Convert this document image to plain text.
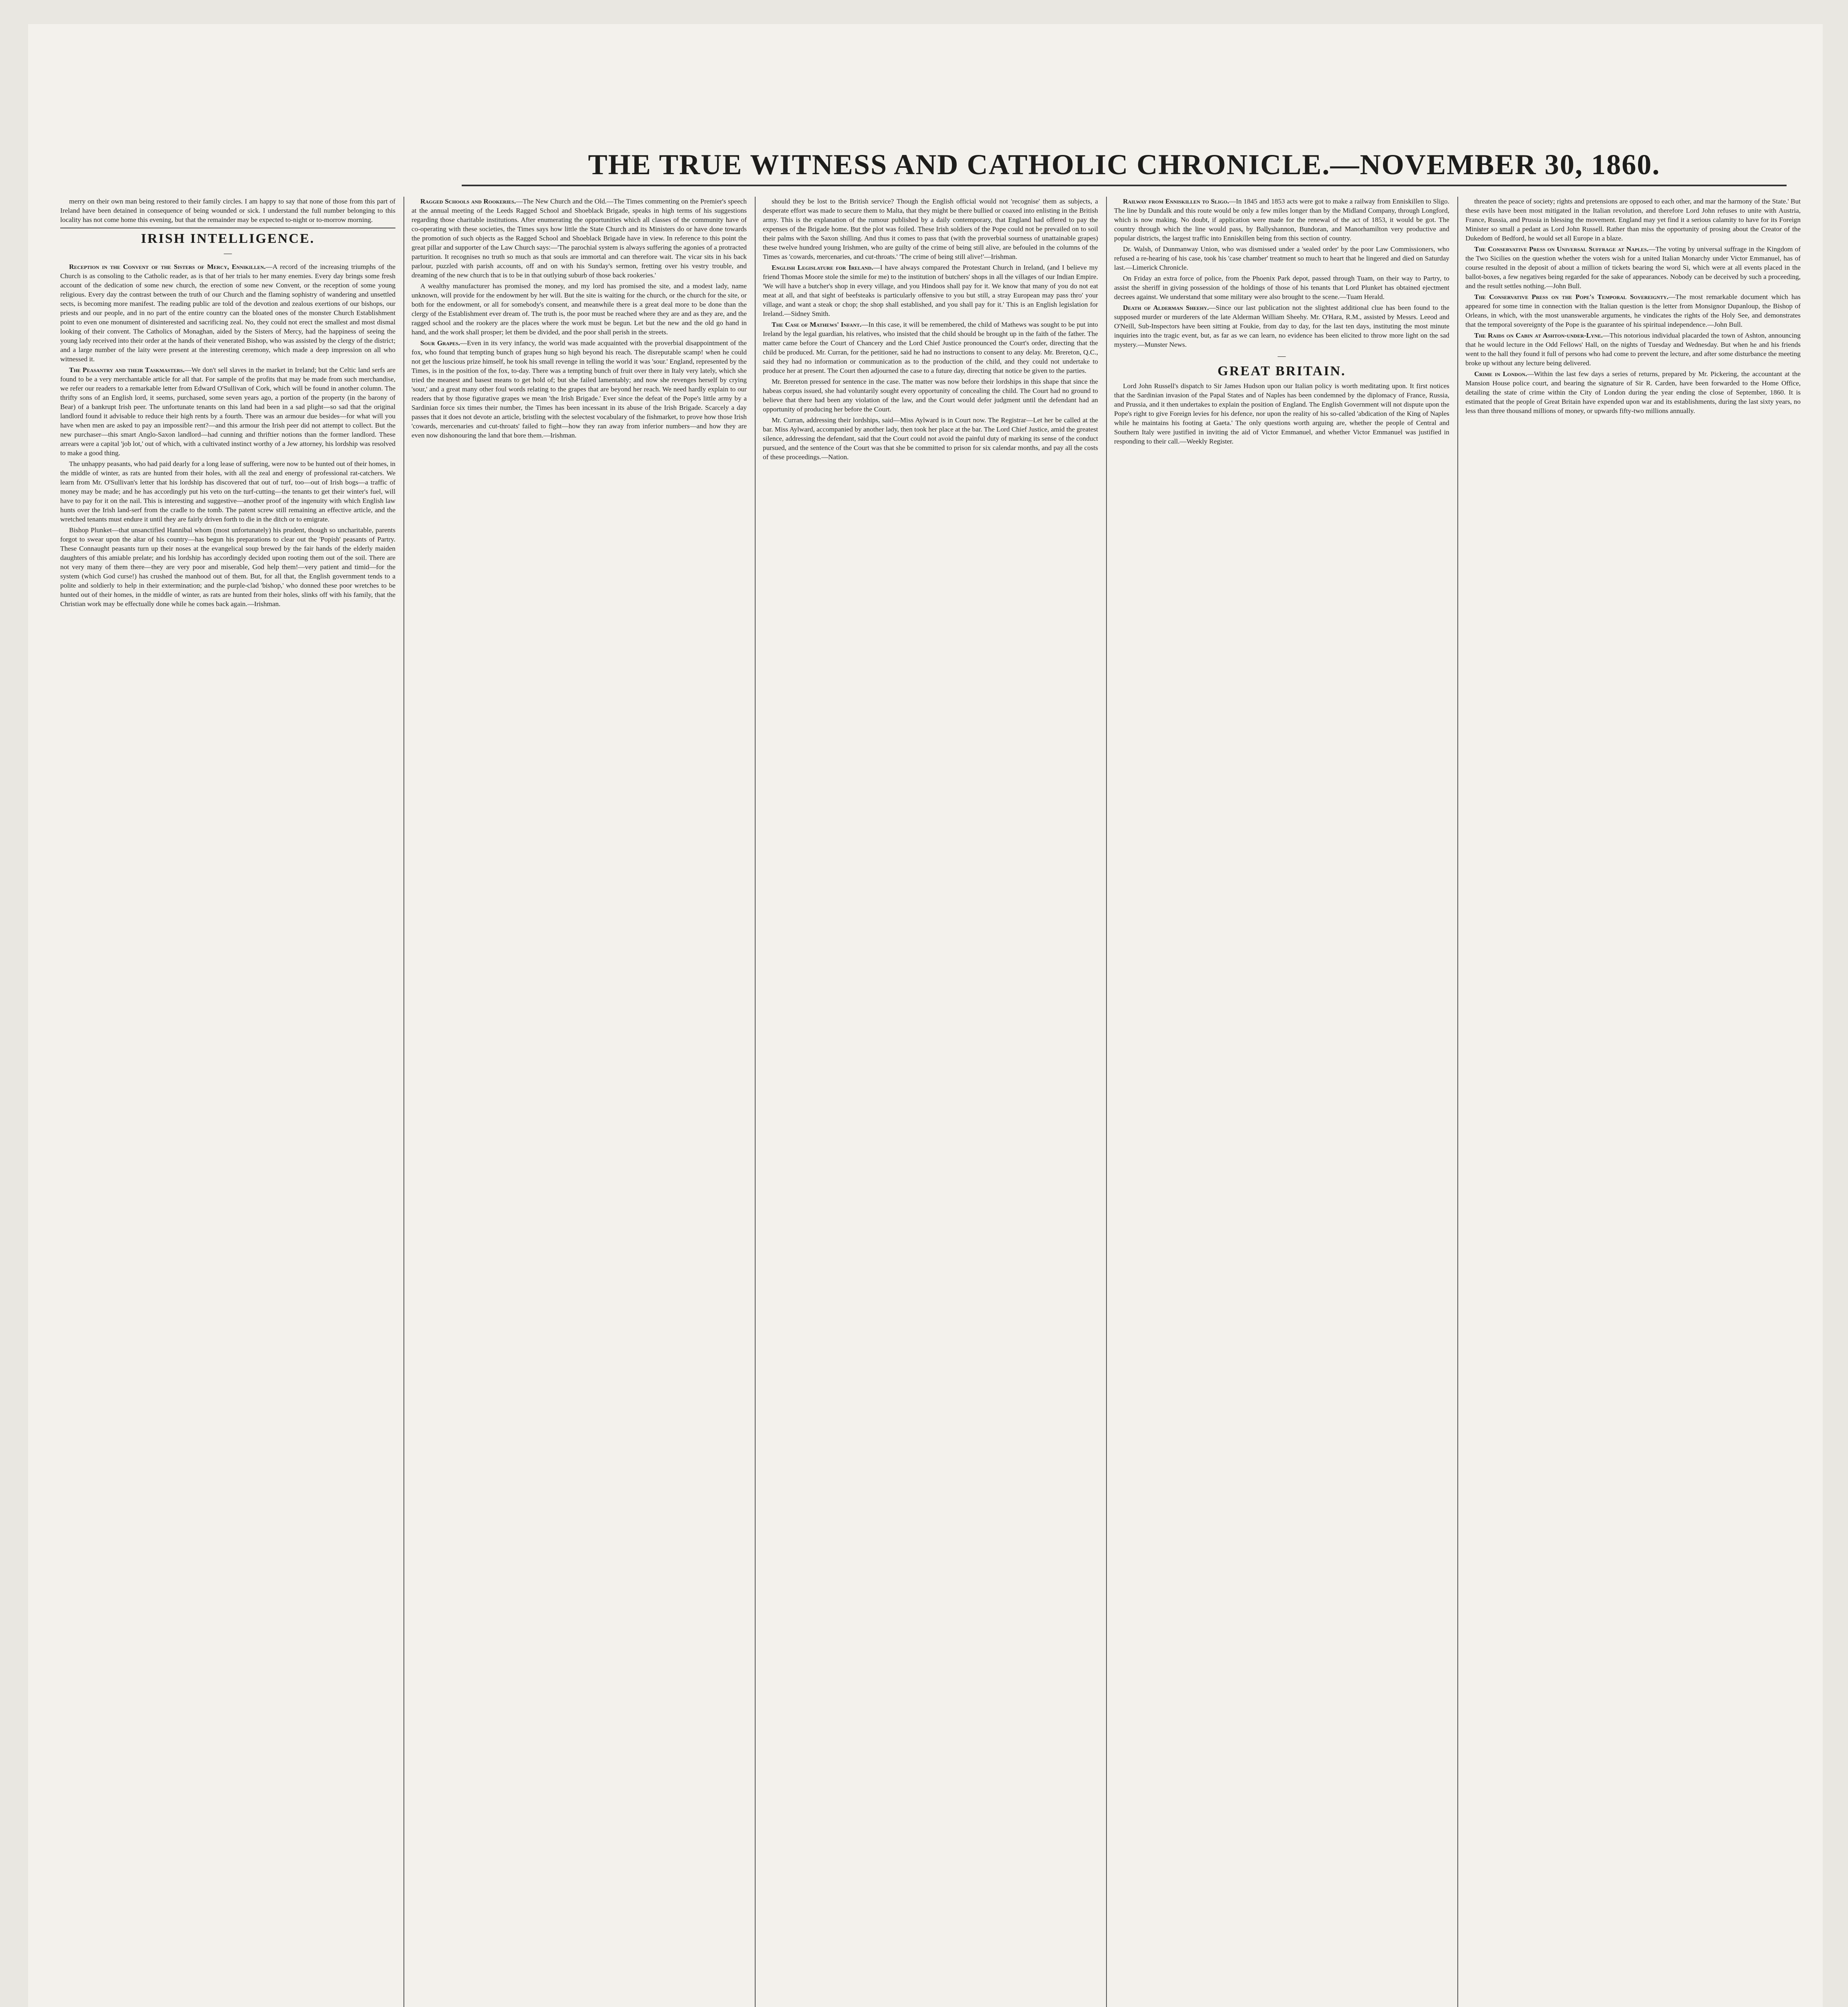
THE TRUE WITNESS AND CATHOLIC CHRONICLE.—NOVEMBER 30, 1860.

merry on their own man being restored to their family circles. I am happy to say that none of those from this part of Ireland have been detained in consequence of being wounded or sick. I understand the full number belonging to this locality has not come home this evening, but that the remainder may be expected to-night or to-morrow morning.

IRISH INTELLIGENCE.
—

Reception in the Convent of the Sisters of Mercy, Ennikillen.—A record of the increasing triumphs of the Church is as consoling to the Catholic reader, as is that of her trials to her many enemies. Every day brings some fresh account of the dedication of some new church, the erection of some new Convent, or the reception of some young religious. Every day the contrast between the truth of our Church and the flaming sophistry of wandering and unsettled sects, is becoming more manifest. The reading public are told of the devotion and zealous exertions of our bishops, our priests and our people, and in no part of the entire country can the bloated ones of the monster Church Establishment point to even one monument of disinterested and sacrificing zeal. No, they could not erect the smallest and most dismal looking of their convent. The Catholics of Monaghan, aided by the Sisters of Mercy, had the happiness of seeing the young lady received into their order at the hands of their venerated Bishop, who was assisted by the clergy of the district; and a large number of the laity were present at the interesting ceremony, which made a deep impression on all who witnessed it.

The Peasantry and their Taskmasters.—We don't sell slaves in the market in Ireland; but the Celtic land serfs are found to be a very merchantable article for all that. For sample of the profits that may be made from such merchandise, we refer our readers to a remarkable letter from Edward O'Sullivan of Cork, which will be found in another column. The thrifty sons of an English lord, it seems, purchased, some seven years ago, a portion of the property (in the barony of Bear) of a bankrupt Irish peer. The unfortunate tenants on this land had been in a sad plight—so sad that the original landlord found it advisable to reduce their high rents by a fourth. There was an armour due besides—for what will you have when men are asked to pay an impossible rent?—and this armour the Irish peer did not attempt to collect. But the new purchaser—this smart Anglo-Saxon landlord—had cunning and thriftier notions than the former landlord. These arrears were a capital 'job lot,' out of which, with a cultivated instinct worthy of a Jew attorney, his lordship was resolved to make a good thing.

The unhappy peasants, who had paid dearly for a long lease of suffering, were now to be hunted out of their homes, in the middle of winter, as rats are hunted from their holes, with all the zeal and energy of professional rat-catchers. We learn from Mr. O'Sullivan's letter that his lordship has discovered that out of turf, too—out of Irish bogs—a traffic of money may be made; and he has accordingly put his veto on the turf-cutting—the tenants to get their winter's fuel, will have to pay for it on the nail. This is interesting and suggestive—another proof of the ingenuity with which English law hunts over the Irish land-serf from the cradle to the tomb. The patent screw still remaining an effective article, and the wretched tenants must endure it until they are fairly driven forth to die in the ditch or to emigrate.

Bishop Plunket—that unsanctified Hannibal whom (most unfortunately) his prudent, though so uncharitable, parents forgot to swear upon the altar of his country—has begun his preparations to clear out the 'Popish' peasants of Partry. These Connaught peasants turn up their noses at the evangelical soup brewed by the fair hands of the elderly maiden daughters of this amiable prelate; and his lordship has accordingly decided upon rooting them out of the soil. There are not very many of them there—they are very poor and miserable, God help them!—very patient and timid—for the system (which God curse!) has crushed the manhood out of them. But, for all that, the English government tends to a polite and soldierly to help in their extermination; and the purple-clad 'bishop,' who donned these poor wretches to be hunted out of their homes, in the middle of winter, as rats are hunted from their holes, slinks off with his family, that the Christian work may be effectually done while he comes back again.—Irishman.

Ragged Schools and Rookeries.—The New Church and the Old.—The Times commenting on the Premier's speech at the annual meeting of the Leeds Ragged School and Shoeblack Brigade, speaks in high terms of his suggestions regarding those charitable institutions. After enumerating the opportunities which all classes of the community have of co-operating with these societies, the Times says how little the State Church and its Ministers do or have done towards the promotion of such objects as the Ragged School and Shoeblack Brigade have in view. In reference to this point the great pillar and supporter of the Law Church says:—'The parochial system is always suffering the agonies of a protracted parturition. It recognises no truth so much as that souls are immortal and can therefore wait. The vicar sits in his back parlour, puzzled with parish accounts, off and on with his Sunday's sermon, fretting over his vestry trouble, and dreaming of the new church that is to be in that outlying suburb of those back rookeries.'

A wealthy manufacturer has promised the money, and my lord has promised the site, and a modest lady, name unknown, will provide for the endowment by her will. But the site is waiting for the church, or the church for the site, or both for the endowment, or all for somebody's consent, and meanwhile there is a great deal more to be done than the clergy of the Establishment ever dream of. The truth is, the poor must be reached where they are and as they are, and the ragged school and the rookery are the places where the work must be begun. Let but the new and the old go hand in hand, and the work shall prosper; let them be divided, and the poor shall perish in the streets.

Sour Grapes.—Even in its very infancy, the world was made acquainted with the proverbial disappointment of the fox, who found that tempting bunch of grapes hung so high beyond his reach. The disreputable scamp! when he could not get the luscious prize himself, he took his small revenge in telling the world it was 'sour.' England, represented by the Times, is in the position of the fox, to-day. There was a tempting bunch of fruit over there in Italy very lately, which she tried the meanest and basest means to get hold of; but she failed lamentably; and now she revenges herself by crying 'sour,' and a great many other foul words relating to the grapes that are beyond her reach. We need hardly explain to our readers that by those figurative grapes we mean 'the Irish Brigade.' Ever since the defeat of the Pope's little army by a Sardinian force six times their number, the Times has been incessant in its abuse of the Irish Brigade. Scarcely a day passes that it does not devote an article, bristling with the selectest vocabulary of the fishmarket, to prove how those Irish 'cowards, mercenaries and cut-throats' failed to fight—how they ran away from inferior numbers—and how they are even now dishonouring the land that bore them.—Irishman.

should they be lost to the British service? Though the English official would not 'recognise' them as subjects, a desperate effort was made to secure them to Malta, that they might be there bullied or coaxed into enlisting in the British army. This is the explanation of the rumour published by a daily contemporary, that England had offered to pay the expenses of the Brigade home. But the plot was foiled. These Irish soldiers of the Pope could not be prevailed on to soil their palms with the Saxon shilling. And thus it comes to pass that (with the proverbial sourness of unattainable grapes) these twelve hundred young Irishmen, who are guilty of the crime of being still alive, are befouled in the columns of the Times as 'cowards, mercenaries, and cut-throats.' 'The crime of being still alive!'—Irishman.

English Legislature for Ireland.—I have always compared the Protestant Church in Ireland, (and I believe my friend Thomas Moore stole the simile for me) to the institution of butchers' shops in all the villages of our Indian Empire. 'We will have a butcher's shop in every village, and you Hindoos shall pay for it. We know that many of you do not eat meat at all, and that sight of beefsteaks is particularly offensive to you but still, a stray European may pass thro' your village, and want a steak or chop; the shop shall established, and you shall pay for it.' This is an English legislation for Ireland.—Sidney Smith.

The Case of Mathews' Infant.—In this case, it will be remembered, the child of Mathews was sought to be put into Ireland by the legal guardian, his relatives, who insisted that the child should be brought up in the faith of the father. The matter came before the Court of Chancery and the Lord Chief Justice pronounced the Court's order, directing that the child be produced. Mr. Curran, for the petitioner, said he had no instructions to consent to any delay. Mr. Brereton, Q.C., said they had no information or communication as to the production of the child, and they could not undertake to produce her at present. The Court then adjourned the case to a future day, directing that notice be given to the parties.

Mr. Brereton pressed for sentence in the case. The matter was now before their lordships in this shape that since the habeas corpus issued, she had voluntarily sought every opportunity of concealing the child. The Court had no ground to believe that there had been any violation of the law, and the Court would defer judgment until the defendant had an opportunity of producing her before the Court.

Mr. Curran, addressing their lordships, said—Miss Aylward is in Court now. The Registrar—Let her be called at the bar. Miss Aylward, accompanied by another lady, then took her place at the bar. The Lord Chief Justice, amid the greatest silence, addressing the defendant, said that the Court could not avoid the painful duty of marking its sense of the conduct pursued, and the sentence of the Court was that she be committed to prison for six calendar months, and pay all the costs of these proceedings.—Nation.

Railway from Enniskillen to Sligo.—In 1845 and 1853 acts were got to make a railway from Enniskillen to Sligo. The line by Dundalk and this route would be only a few miles longer than by the Midland Company, through Longford, which is now making. No doubt, if application were made for the renewal of the act of 1853, it would be got. The country through which the line would pass, by Ballyshannon, Bundoran, and Manorhamilton very productive and popular districts, the largest traffic into Enniskillen being from this section of country.

Dr. Walsh, of Dunmanway Union, who was dismissed under a 'sealed order' by the poor Law Commissioners, who refused a re-hearing of his case, took his 'case chamber' treatment so much to heart that he lingered and died on Saturday last.—Limerick Chronicle.

On Friday an extra force of police, from the Phoenix Park depot, passed through Tuam, on their way to Partry, to assist the sheriff in giving possession of the holdings of those of his tenants that Lord Plunket has obtained ejectment decrees against. We understand that some military were also brought to the scene.—Tuam Herald.

Death of Alderman Sheehy.—Since our last publication not the slightest additional clue has been found to the supposed murder or murderers of the late Alderman William Sheehy. Mr. O'Hara, R.M., assisted by Messrs. Leeod and O'Neill, Sub-Inspectors have been sitting at Foukie, from day to day, for the last ten days, instituting the most minute inquiries into the tragic event, but, as far as we can learn, no evidence has been elicited to throw more light on the sad mystery.—Munster News.

—
GREAT BRITAIN.

Lord John Russell's dispatch to Sir James Hudson upon our Italian policy is worth meditating upon. It first notices that the Sardinian invasion of the Papal States and of Naples has been condemned by the diplomacy of France, Russia, and Prussia, and it then undertakes to explain the position of England. The English Government will not dispute upon the Pope's right to give Foreign levies for his defence, nor upon the reality of his so-called 'abdication of the King of Naples while he maintains his footing at Gaeta.' The only questions worth arguing are, whether the people of Central and Southern Italy were justified in inviting the aid of Victor Emmanuel, and whether Victor Emmanuel was justified in responding to their call.—Weekly Register.

threaten the peace of society; rights and pretensions are opposed to each other, and mar the harmony of the State.' But these evils have been most mitigated in the Italian revolution, and therefore Lord John refuses to unite with Austria, France, Russia, and Prussia in blessing the movement. England may yet find it a serious calamity to have for its Foreign Minister so small a pedant as Lord John Russell. Rather than miss the opportunity of prosing about the Creator of the Dukedom of Bedford, he would set all Europe in a blaze.

The Conservative Press on Universal Suffrage at Naples.—The voting by universal suffrage in the Kingdom of the Two Sicilies on the question whether the voters wish for a united Italian Monarchy under Victor Emmanuel, has of course resulted in the deposit of about a million of tickets bearing the word Si, which were at all events placed in the ballot-boxes, a few negatives being regarded for the sake of appearances. Nobody can be deceived by such a proceeding, and the result settles nothing.—John Bull.

The Conservative Press on the Pope's Temporal Sovereignty.—The most remarkable document which has appeared for some time in connection with the Italian question is the letter from Monsignor Dupanloup, the Bishop of Orleans, in which, with the most unanswerable arguments, he vindicates the rights of the Holy See, and demonstrates that the temporal sovereignty of the Pope is the guarantee of his spiritual independence.—John Bull.

The Raids on Cabin at Ashton-under-Lyne.—This notorious individual placarded the town of Ashton, announcing that he would lecture in the Odd Fellows' Hall, on the nights of Tuesday and Wednesday. But when he and his friends went to the hall they found it full of persons who had come to prevent the lecture, and after some disturbance the meeting broke up without any lecture being delivered.

Crime in London.—Within the last few days a series of returns, prepared by Mr. Pickering, the accountant at the Mansion House police court, and bearing the signature of Sir R. Carden, have been forwarded to the Home Office, detailing the state of crime within the City of London during the year ending the close of September, 1860. It is estimated that the people of Great Britain have expended upon war and its establishments, during the last sixty years, no less than three thousand millions of money, or upwards fifty-two millions annually.
